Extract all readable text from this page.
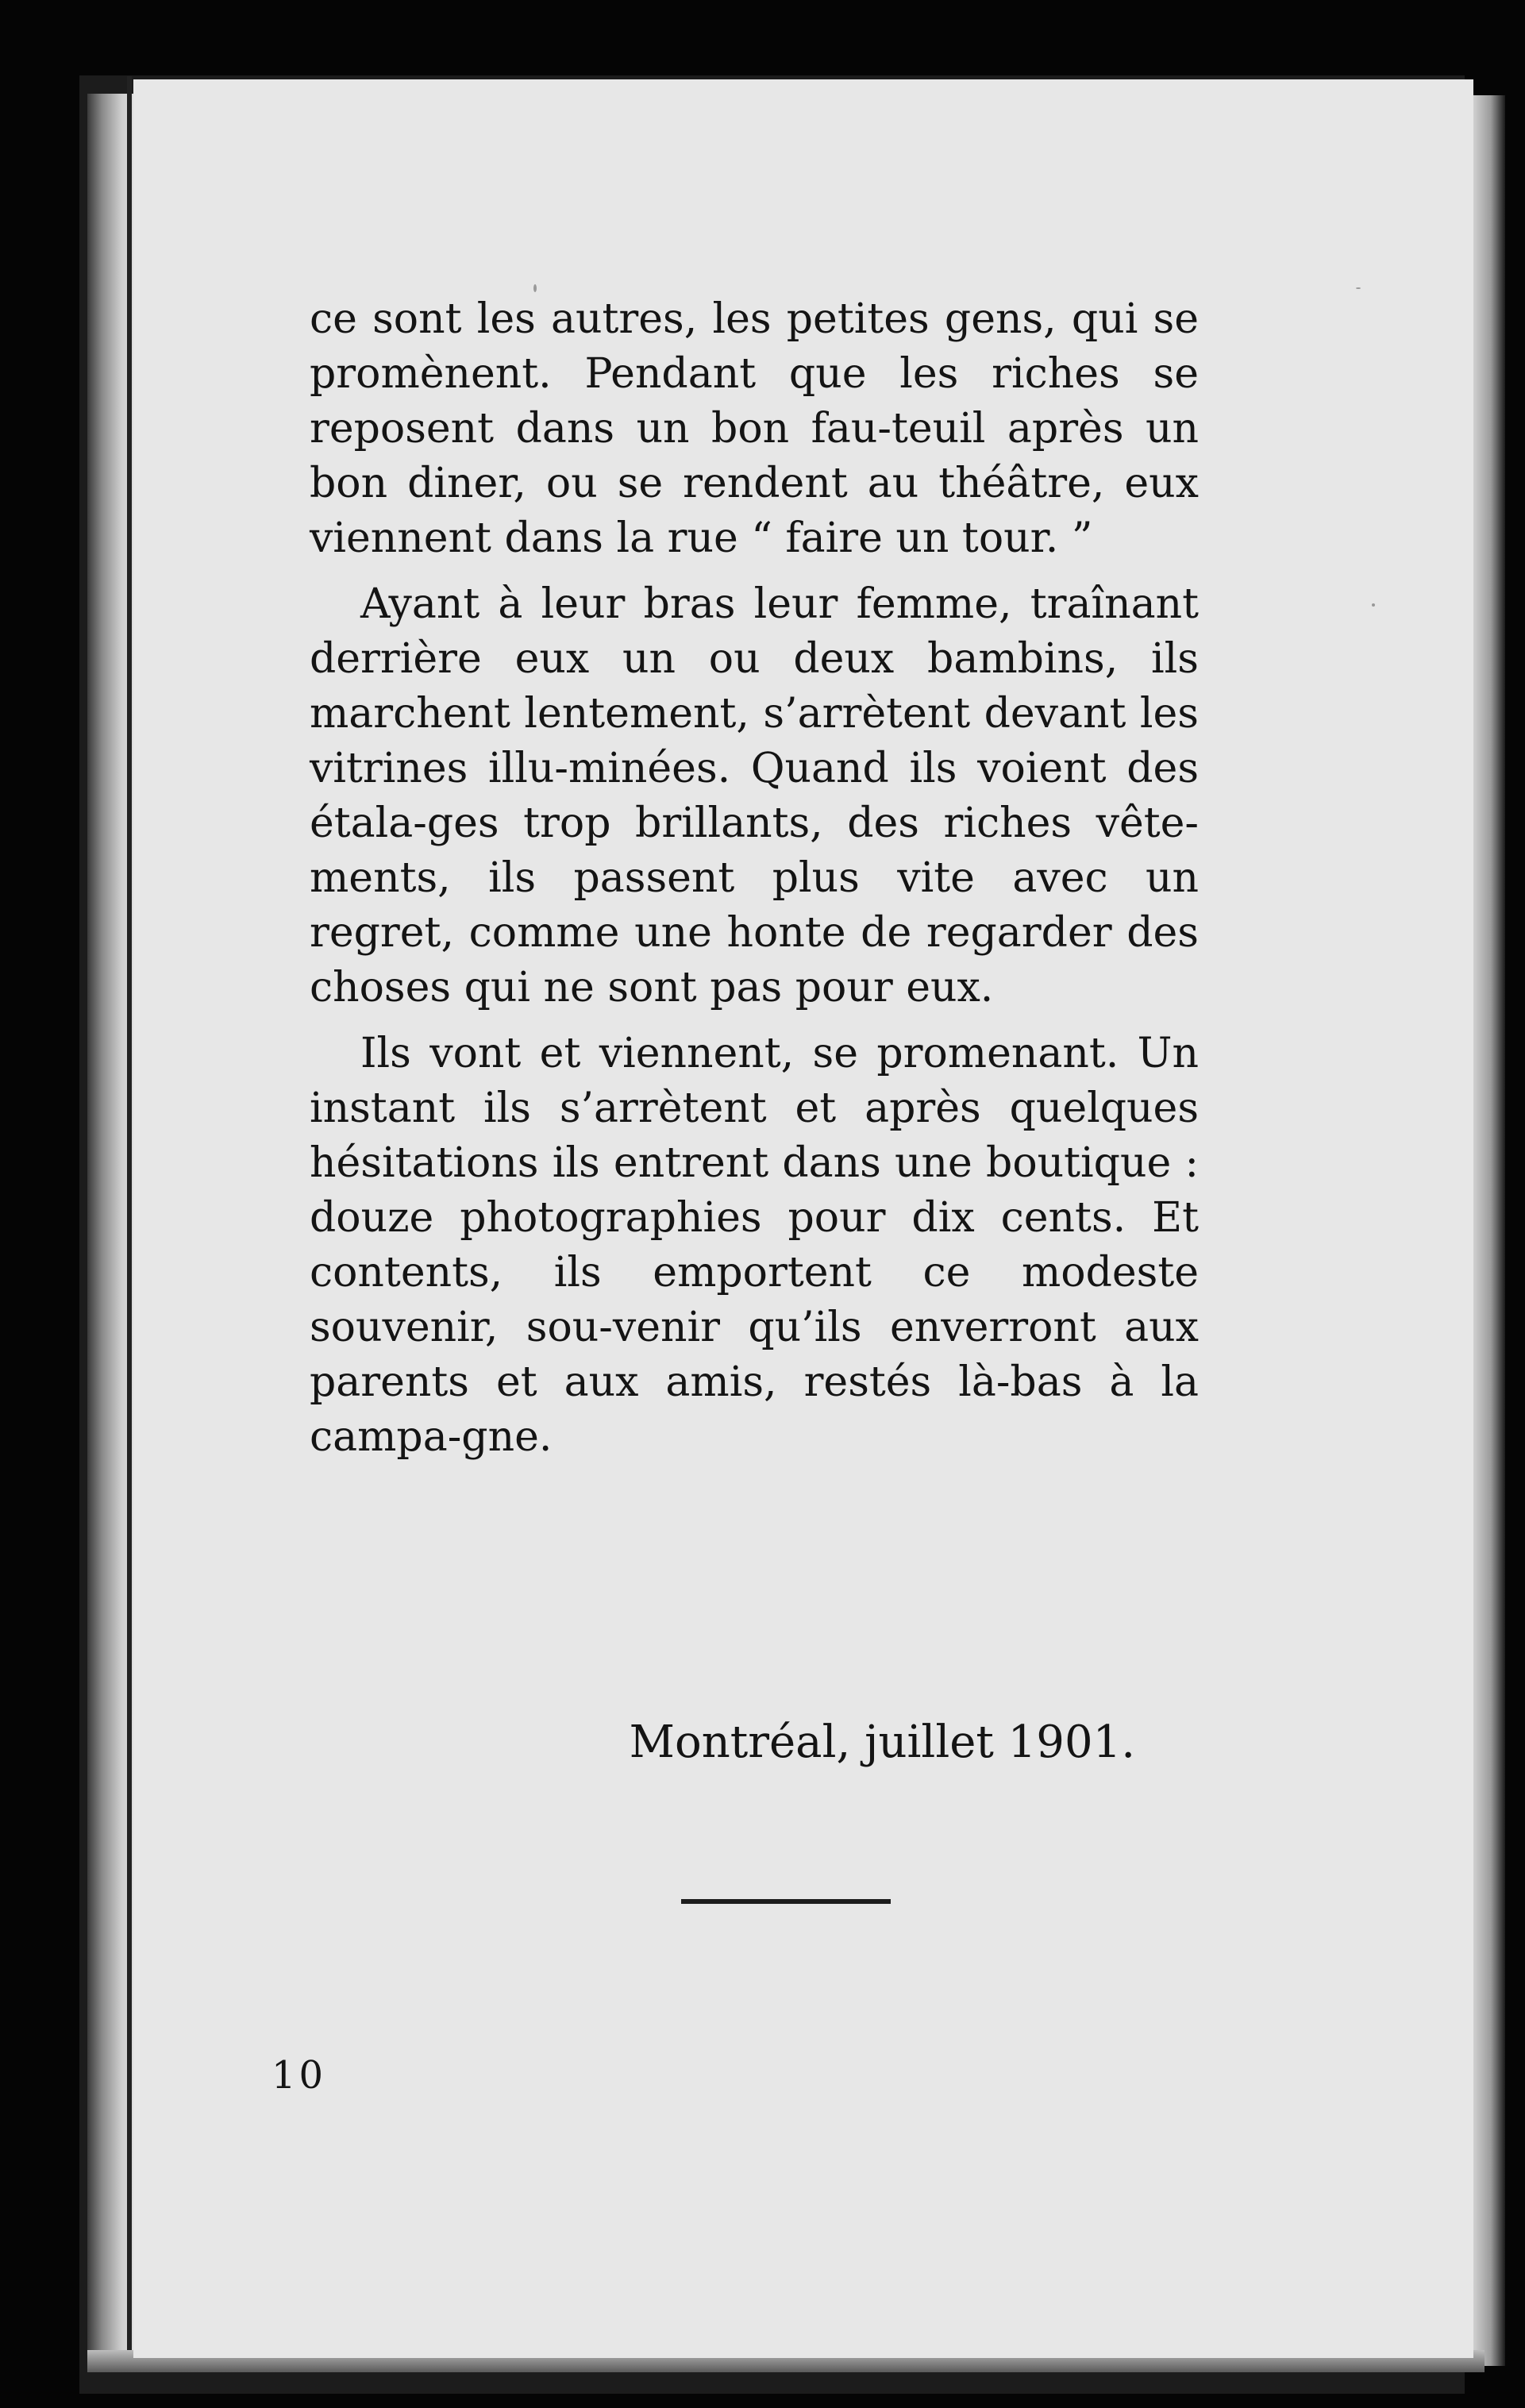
ce sont les autres, les petites gens, qui se promènent. Pendant que les riches se reposent dans un bon fau-teuil après un bon diner, ou se rendent au théâtre, eux viennent dans la rue “ faire un tour. ”

Ayant à leur bras leur femme, traînant derrière eux un ou deux bambins, ils marchent lentement, s’arrètent devant les vitrines illu-minées. Quand ils voient des étala-ges trop brillants, des riches vête-ments, ils passent plus vite avec un regret, comme une honte de regarder des choses qui ne sont pas pour eux.

Ils vont et viennent, se promenant. Un instant ils s’arrètent et après quelques hésitations ils entrent dans une boutique : douze photographies pour dix cents. Et contents, ils emportent ce modeste souvenir, sou-venir qu’ils enverront aux parents et aux amis, restés là-bas à la campa-gne.

Montréal, juillet 1901.
10
